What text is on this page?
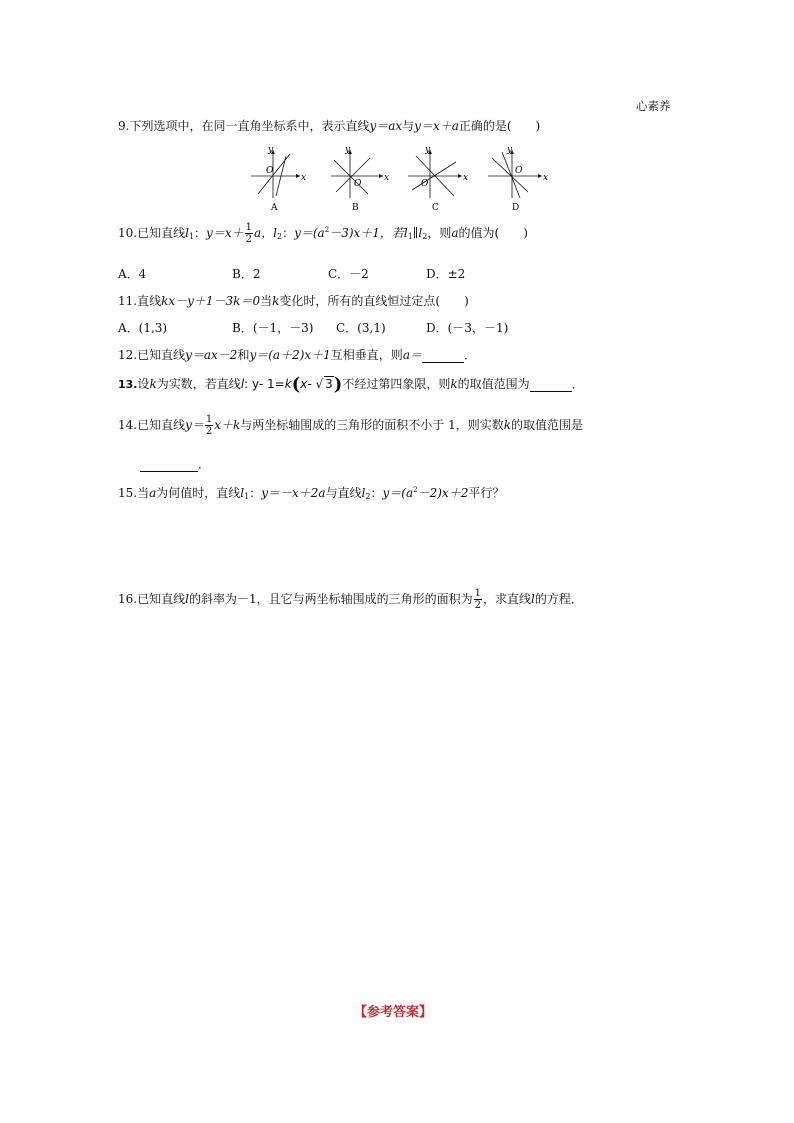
心素养
9.下列选项中，在同一直角坐标系中，表示直线y＝ax与y＝x＋a正确的是(　　)
O
x
y
A
O
x
y
B
O
x
y
C
O
x
y
D
10.已知直线$l_1$：$y=x+ \frac{1}{2}$ a，$l_2$：$y=(a^2-3)x+1$，若$l_1\parallel l_2$，则a的值为(　　)
A．4	B．2	C．－2	D．±2
11.直线kx－y＋1－3k＝0当k变化时，所有的直线恒过定点(　　)
A．(1,3)	B．(－1，－3) C．(3,1)	D．(－3，－1)
12.已知直线y＝ax－2和y＝(a＋2)x＋1互相垂直，则a＝	．
13.设k为实数，若直线l: y- 1=k(x- √ 3)不经过第四象限，则k的取值范围为	．
14.已知直线$y= \frac{1}{2} x+k$与两坐标轴围成的三角形的面积不小于 1，则实数k的取值范围是
．
15.当a为何值时，直线$l_1$：y＝－x＋2a与直线$l_2$：$y=(a^2-2)x+2$平行？
16.已知直线l的斜率为－1，且它与两坐标轴围成的三角形的面积为 $\frac{1}{2}$ ，求直线l的方程．
【参考答案】
